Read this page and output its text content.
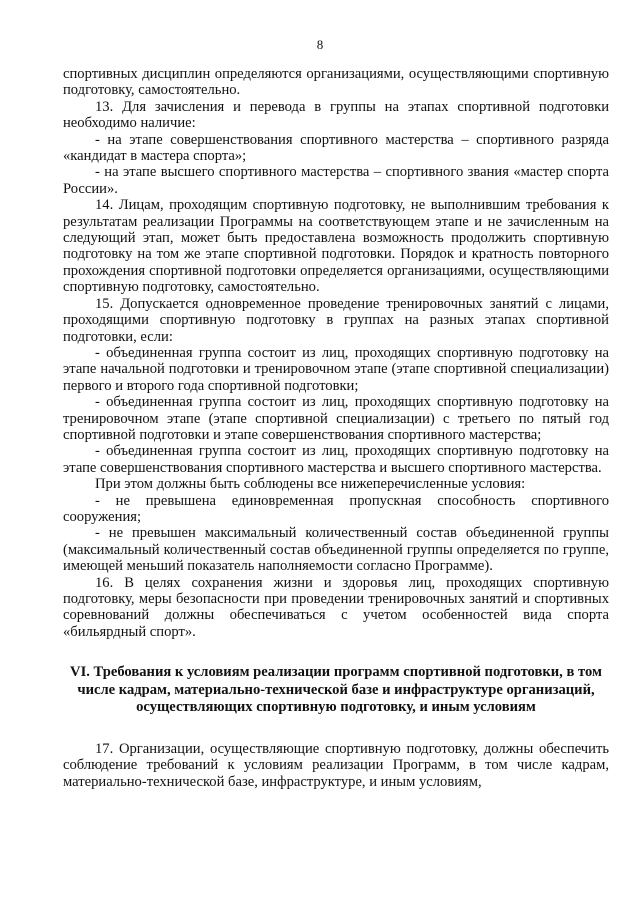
8

спортивных дисциплин определяются организациями, осуществляющими спортивную подготовку, самостоятельно.

13. Для зачисления и перевода в группы на этапах спортивной подготовки необходимо наличие:

- на этапе совершенствования спортивного мастерства – спортивного разряда «кандидат в мастера спорта»;

- на этапе высшего спортивного мастерства – спортивного звания «мастер спорта России».

14. Лицам, проходящим спортивную подготовку, не выполнившим требования к результатам реализации Программы на соответствующем этапе и не зачисленным на следующий этап, может быть предоставлена возможность продолжить спортивную подготовку на том же этапе спортивной подготовки. Порядок и кратность повторного прохождения спортивной подготовки определяется организациями, осуществляющими спортивную подготовку, самостоятельно.

15. Допускается одновременное проведение тренировочных занятий с лицами, проходящими спортивную подготовку в группах на разных этапах спортивной подготовки, если:

- объединенная группа состоит из лиц, проходящих спортивную подготовку на этапе начальной подготовки и тренировочном этапе (этапе спортивной специализации) первого и второго года спортивной подготовки;

- объединенная группа состоит из лиц, проходящих спортивную подготовку на тренировочном этапе (этапе спортивной специализации) с третьего по пятый год спортивной подготовки и этапе совершенствования спортивного мастерства;

- объединенная группа состоит из лиц, проходящих спортивную подготовку на этапе совершенствования спортивного мастерства и высшего спортивного мастерства.

При этом должны быть соблюдены все нижеперечисленные условия:

- не превышена единовременная пропускная способность спортивного сооружения;

- не превышен максимальный количественный состав объединенной группы (максимальный количественный состав объединенной группы определяется по группе, имеющей меньший показатель наполняемости согласно Программе).

16. В целях сохранения жизни и здоровья лиц, проходящих спортивную подготовку, меры безопасности при проведении тренировочных занятий и спортивных соревнований должны обеспечиваться с учетом особенностей вида спорта «бильярдный спорт».

VI. Требования к условиям реализации программ спортивной подготовки, в том числе кадрам, материально-технической базе и инфраструктуре организаций, осуществляющих спортивную подготовку, и иным условиям

17. Организации, осуществляющие спортивную подготовку, должны обеспечить соблюдение требований к условиям реализации Программ, в том числе кадрам, материально-технической базе, инфраструктуре, и иным условиям,
